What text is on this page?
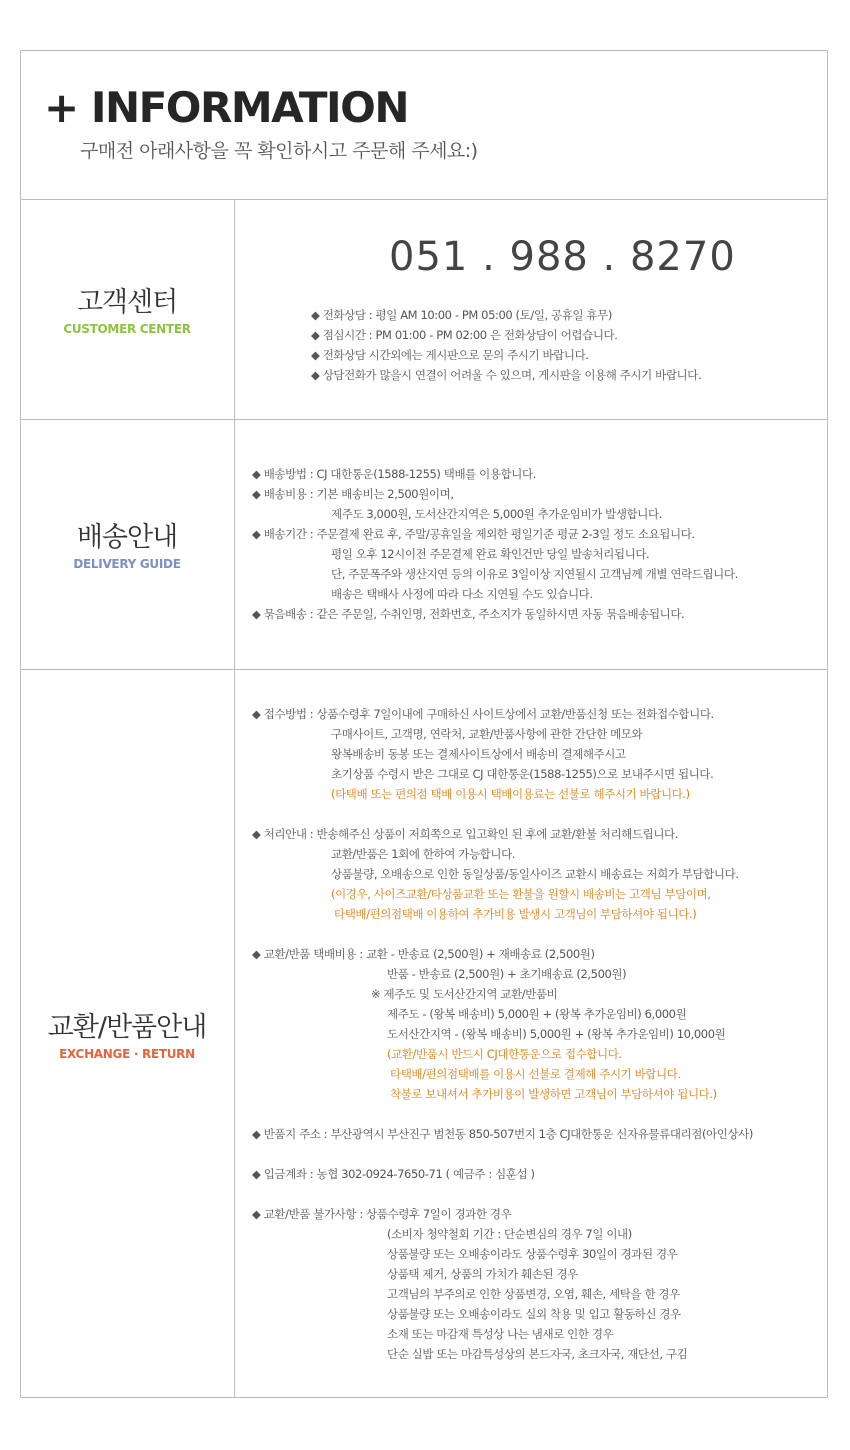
+ INFORMATION
구매전 아래사항을 꼭 확인하시고 주문해 주세요:)
고객센터
CUSTOMER CENTER
051 . 988 . 8270
◆ 전화상담 : 평일 AM 10:00 - PM 05:00 (토/일, 공휴일 휴무)
◆ 점심시간 : PM 01:00 - PM 02:00 은 전화상담이 어렵습니다.
◆ 전화상담 시간외에는 게시판으로 문의 주시기 바랍니다.
◆ 상담전화가 많을시 연결이 어려울 수 있으며, 게시판을 이용해 주시기 바랍니다.
배송안내
DELIVERY GUIDE
◆ 배송방법 : CJ 대한통운(1588-1255) 택배를 이용합니다.
◆ 배송비용 : 기본 배송비는 2,500원이며,
제주도 3,000원, 도서산간지역은 5,000원 추가운임비가 발생합니다.
◆ 배송기간 : 주문결제 완료 후, 주말/공휴일을 제외한 평일기준 평균 2-3일 정도 소요됩니다.
평일 오후 12시이전 주문결제 완료 확인건만 당일 발송처리됩니다.
단, 주문폭주와 생산지연 등의 이유로 3일이상 지연될시 고객님께 개별 연락드립니다.
배송은 택배사 사정에 따라 다소 지연될 수도 있습니다.
◆ 묶음배송 : 같은 주문일, 수취인명, 전화번호, 주소지가 동일하시면 자동 묶음배송됩니다.
교환/반품안내
EXCHANGE · RETURN
◆ 접수방법 : 상품수령후 7일이내에 구매하신 사이트상에서 교환/반품신청 또는 전화접수합니다.
구매사이트, 고객명, 연락처, 교환/반품사항에 관한 간단한 메모와
왕복배송비 동봉 또는 결제사이트상에서 배송비 결제해주시고
초기상품 수령시 받은 그대로 CJ 대한통운(1588-1255)으로 보내주시면 됩니다.
(타택배 또는 편의점 택배 이용시 택배이용료는 선불로 해주시기 바랍니다.)
◆ 처리안내 : 반송해주신 상품이 저희쪽으로 입고확인 된 후에 교환/환불 처리해드립니다.
교환/반품은 1회에 한하여 가능합니다.
상품불량, 오배송으로 인한 동일상품/동일사이즈 교환시 배송료는 저희가 부담합니다.
(이경우, 사이즈교환/타상품교환 또는 환불을 원할시 배송비는 고객님 부담이며,
타택배/편의점택배 이용하여 추가비용 발생시 고객님이 부담하셔야 됩니다.)
◆ 교환/반품 택배비용 : 교환 - 반송료 (2,500원) + 재배송료 (2,500원)
반품 - 반송료 (2,500원) + 초기배송료 (2,500원)
※ 제주도 및 도서산간지역 교환/반품비
제주도 - (왕복 배송비) 5,000원 + (왕복 추가운임비) 6,000원
도서산간지역 - (왕복 배송비) 5,000원 + (왕복 추가운임비) 10,000원
(교환/반품시 반드시 CJ대한통운으로 접수합니다.
타택배/편의점택배를 이용시 선불로 결제해 주시기 바랍니다.
착불로 보내셔서 추가비용이 발생하면 고객님이 부담하셔야 됩니다.)
◆ 반품지 주소 : 부산광역시 부산진구 범천동 850-507번지 1층 CJ대한통운 신자유물류대리점(아인상사)
◆ 입금계좌 : 농협 302-0924-7650-71 ( 예금주 : 심훈섭 )
◆ 교환/반품 불가사항 : 상품수령후 7일이 경과한 경우
(소비자 청약철회 기간 : 단순변심의 경우 7일 이내)
상품불량 또는 오배송이라도 상품수령후 30일이 경과된 경우
상품택 제거, 상품의 가치가 훼손된 경우
고객님의 부주의로 인한 상품변경, 오염, 훼손, 세탁을 한 경우
상품불량 또는 오배송이라도 실외 착용 및 입고 활동하신 경우
소재 또는 마감재 특성상 나는 냄새로 인한 경우
단순 실밥 또는 마감특성상의 본드자국, 초크자국, 재단선, 구김
